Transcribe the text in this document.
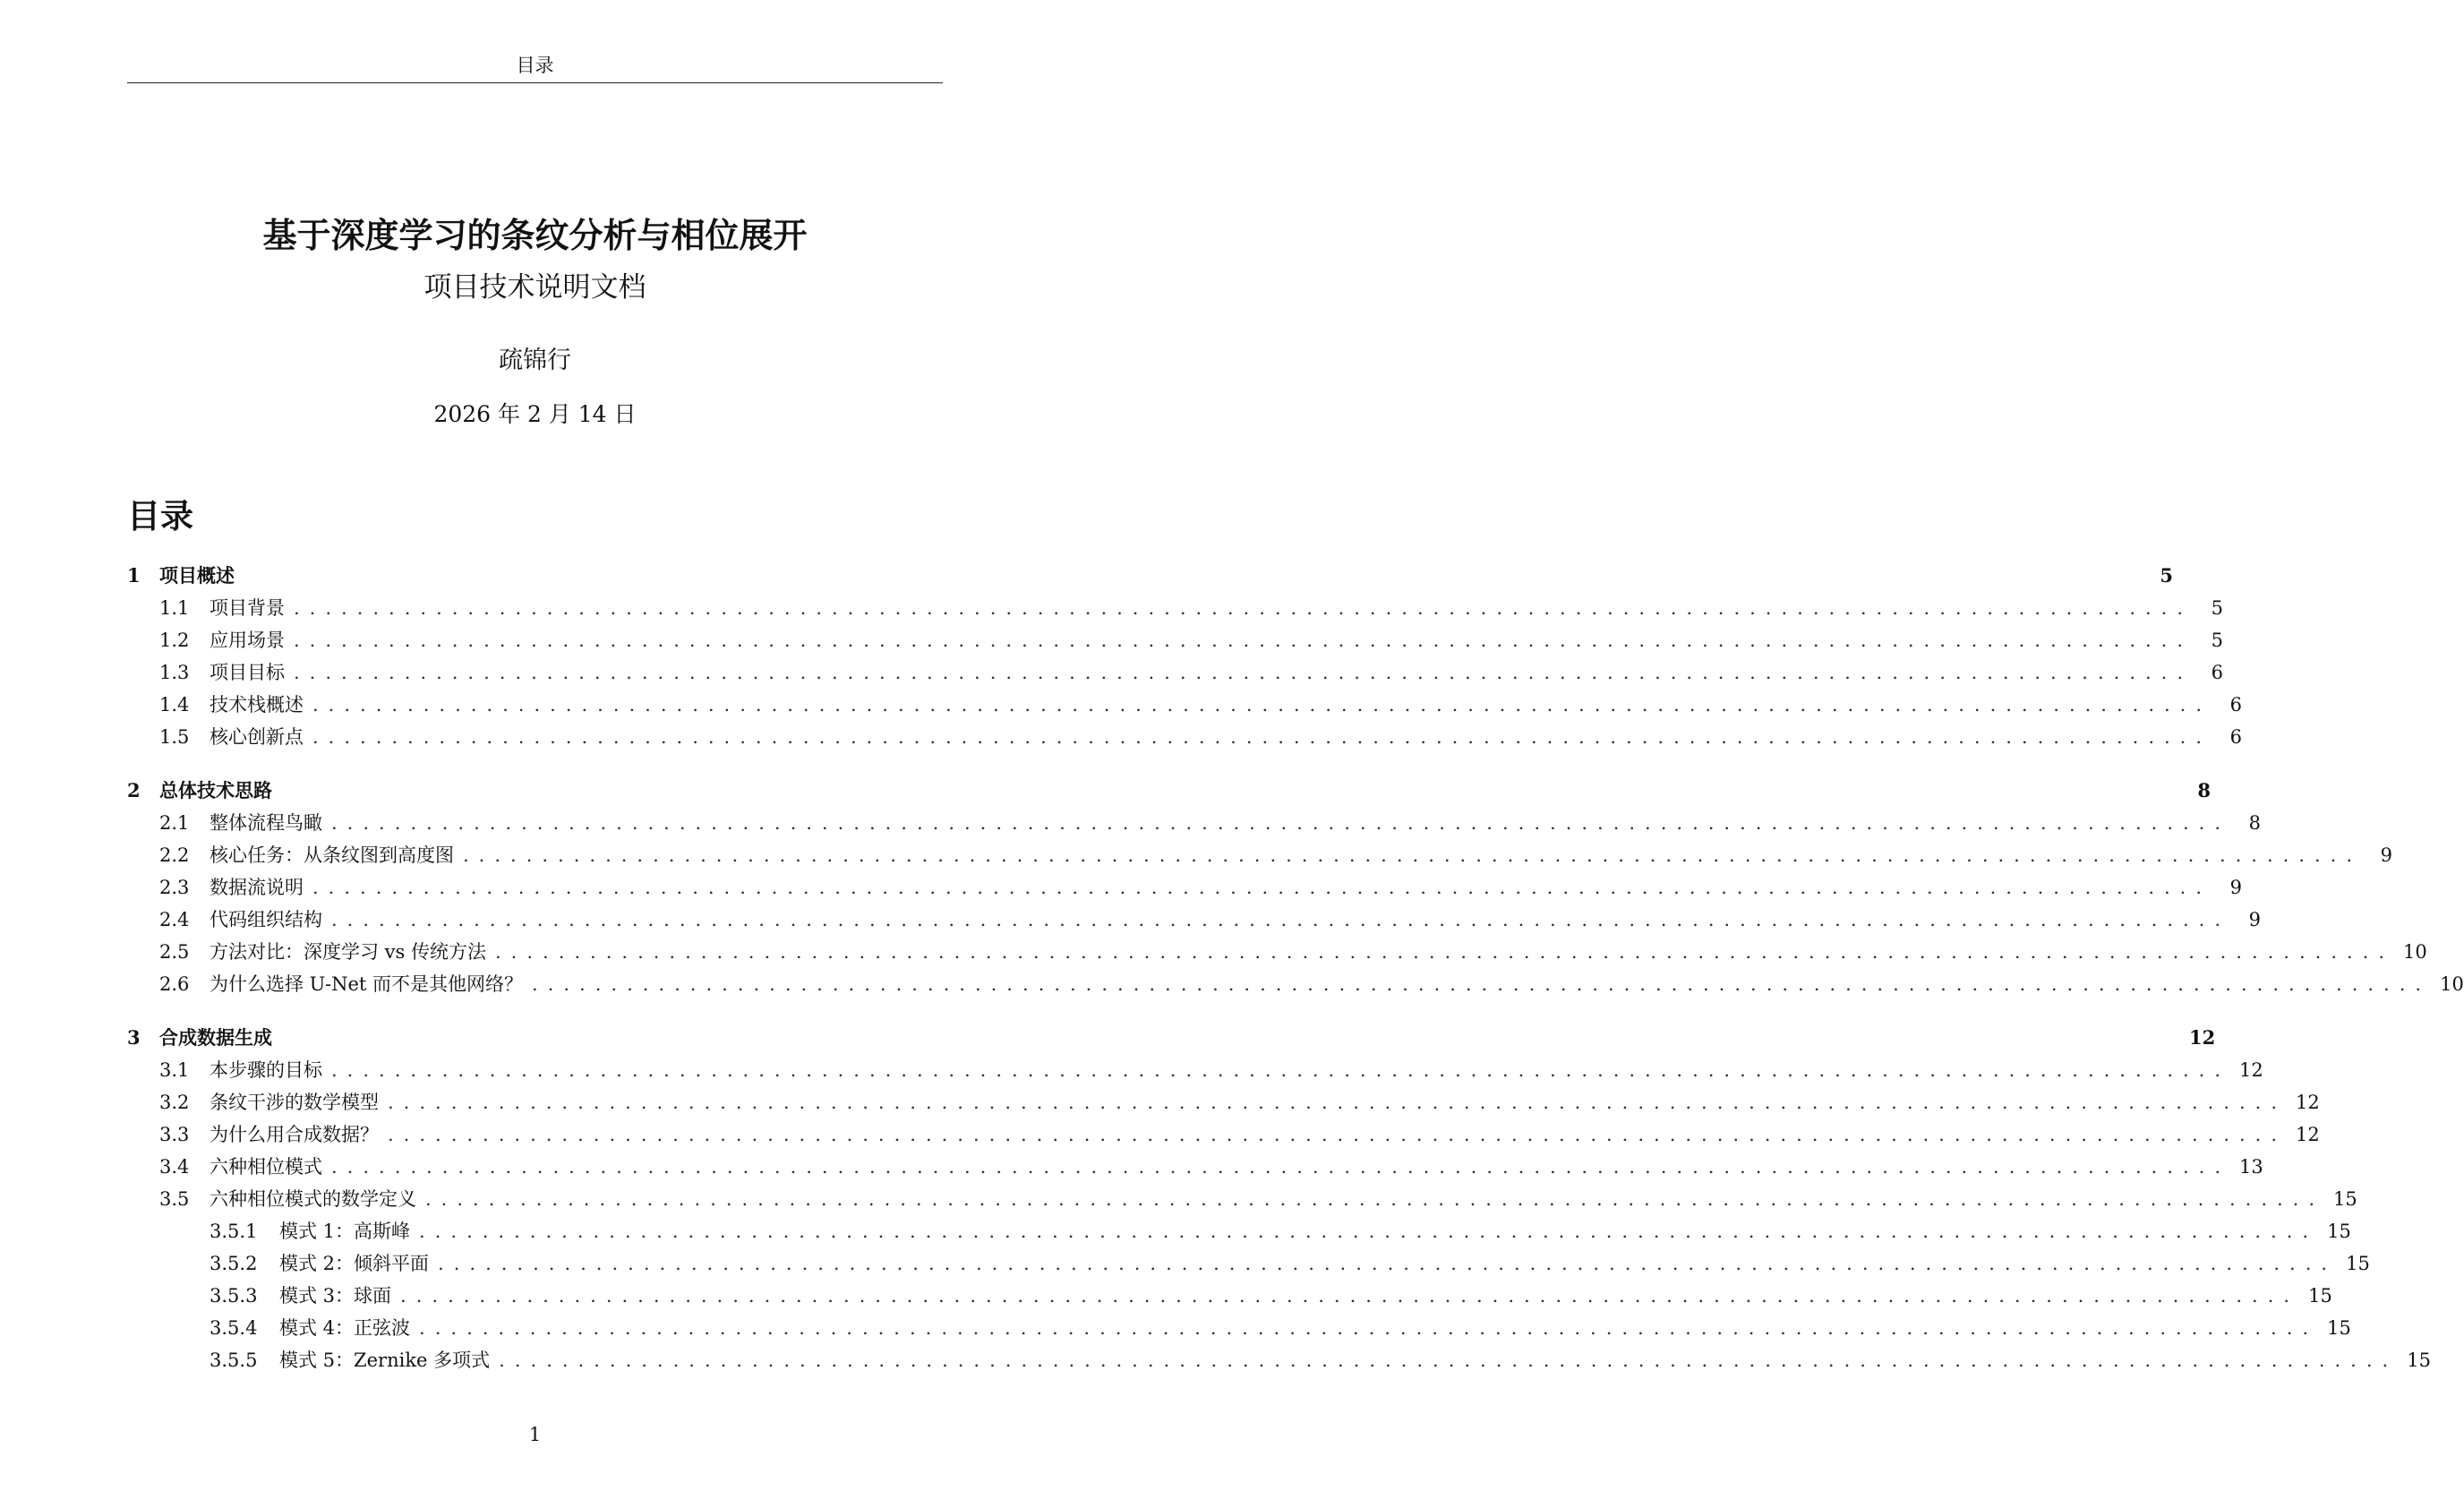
目录
基于深度学习的条纹分析与相位展开
项目技术说明文档
疏锦行
2026 年 2 月 14 日
目录
1	项目概述	5
1.1	项目背景 ........................................................................................................................ 5
1.2	应用场景 ........................................................................................................................ 5
1.3	项目目标 ........................................................................................................................ 6
1.4	技术栈概述 ........................................................................................................................ 6
1.5	核心创新点 ........................................................................................................................ 6
2	总体技术思路	8
2.1	整体流程鸟瞰 ........................................................................................................................ 8
2.2	核心任务：从条纹图到高度图 ........................................................................................................................ 9
2.3	数据流说明 ........................................................................................................................ 9
2.4	代码组织结构 ........................................................................................................................ 9
2.5	方法对比：深度学习 vs 传统方法 ........................................................................................................................ 10
2.6	为什么选择 U-Net 而不是其他网络？ ........................................................................................................................ 10
3	合成数据生成	12
3.1	本步骤的目标 ........................................................................................................................ 12
3.2	条纹干涉的数学模型 ........................................................................................................................ 12
3.3	为什么用合成数据？ ........................................................................................................................ 12
3.4	六种相位模式 ........................................................................................................................ 13
3.5	六种相位模式的数学定义 ........................................................................................................................ 15
3.5.1	模式 1：高斯峰 ........................................................................................................................ 15
3.5.2	模式 2：倾斜平面 ........................................................................................................................ 15
3.5.3	模式 3：球面 ........................................................................................................................ 15
3.5.4	模式 4：正弦波 ........................................................................................................................ 15
3.5.5	模式 5：Zernike 多项式 ........................................................................................................................ 15
1
